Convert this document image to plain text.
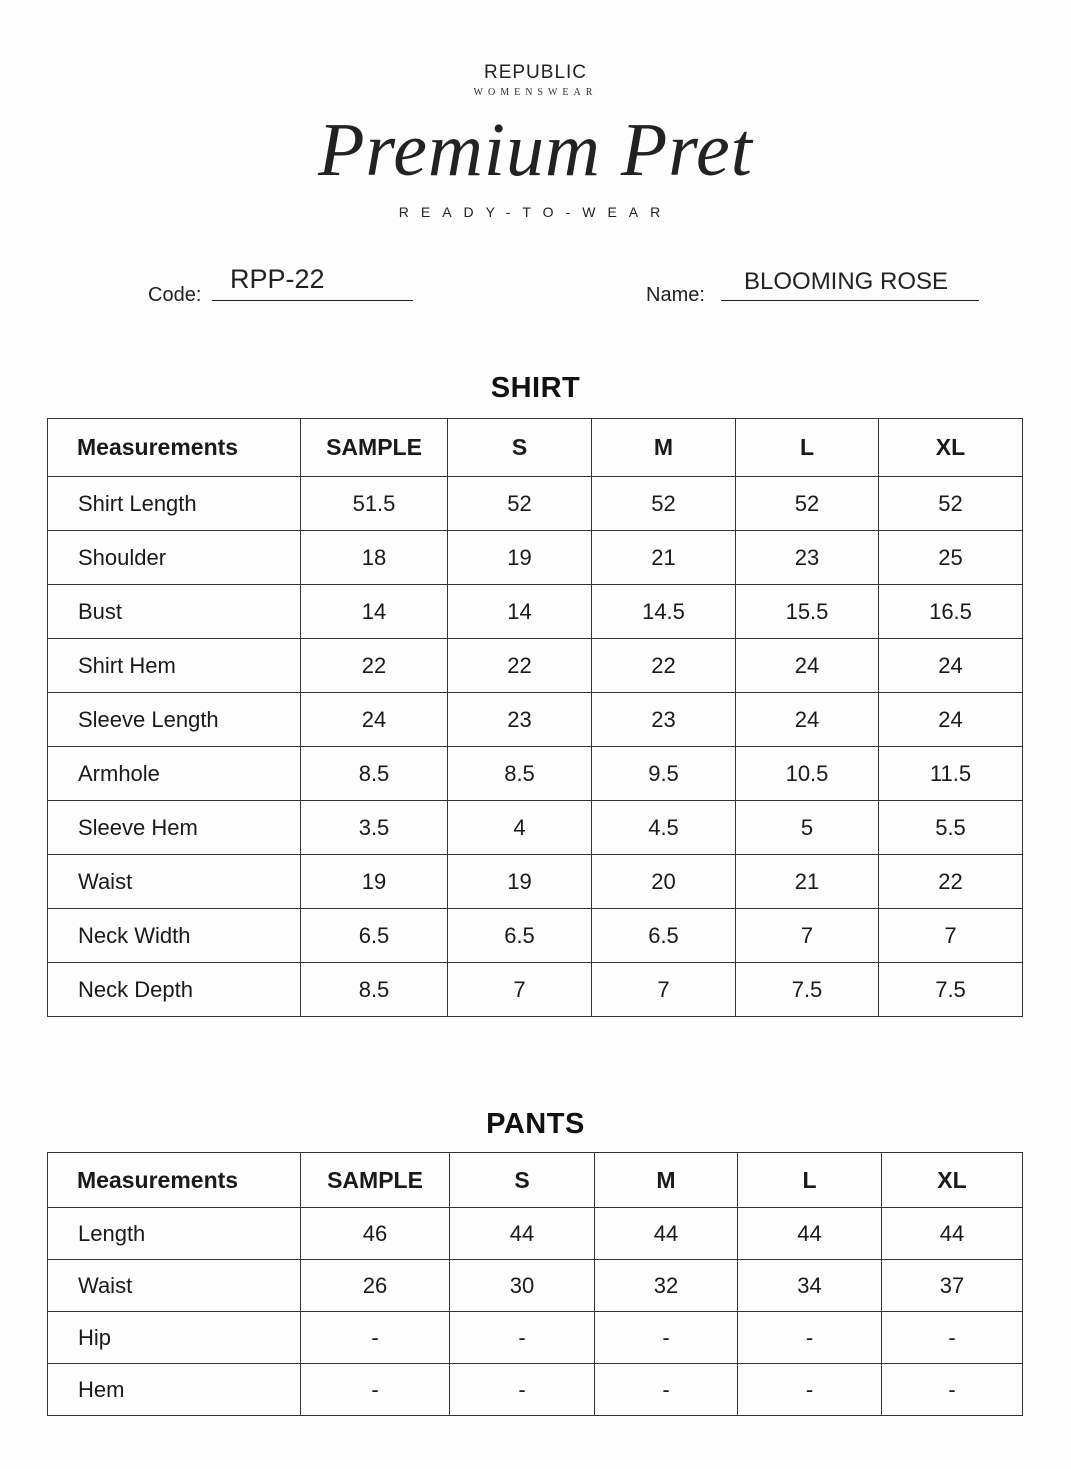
REPUBLIC
WOMENSWEAR
Premium Pret
READY-TO-WEAR
Code:
RPP-22
Name: BLOOMING ROSE
SHIRT
Measurements	SAMPLE	S	M	L	XL
Shirt Length	51.5	52	52	52	52
Shoulder	18	19	21	23	25
Bust	14	14	14.5	15.5	16.5
Shirt Hem	22	22	22	24	24
Sleeve Length	24	23	23	24	24
Armhole	8.5	8.5	9.5	10.5	11.5
Sleeve Hem	3.5	4	4.5	5	5.5
Waist	19	19	20	21	22
Neck Width	6.5	6.5	6.5	7	7
Neck Depth	8.5	7	7	7.5	7.5
PANTS
Measurements	SAMPLE	S	M	L	XL
Length	46	44	44	44	44
Waist	26	30	32	34	37
Hip	-	-	-	-	-
Hem	-	-	-	-	-
